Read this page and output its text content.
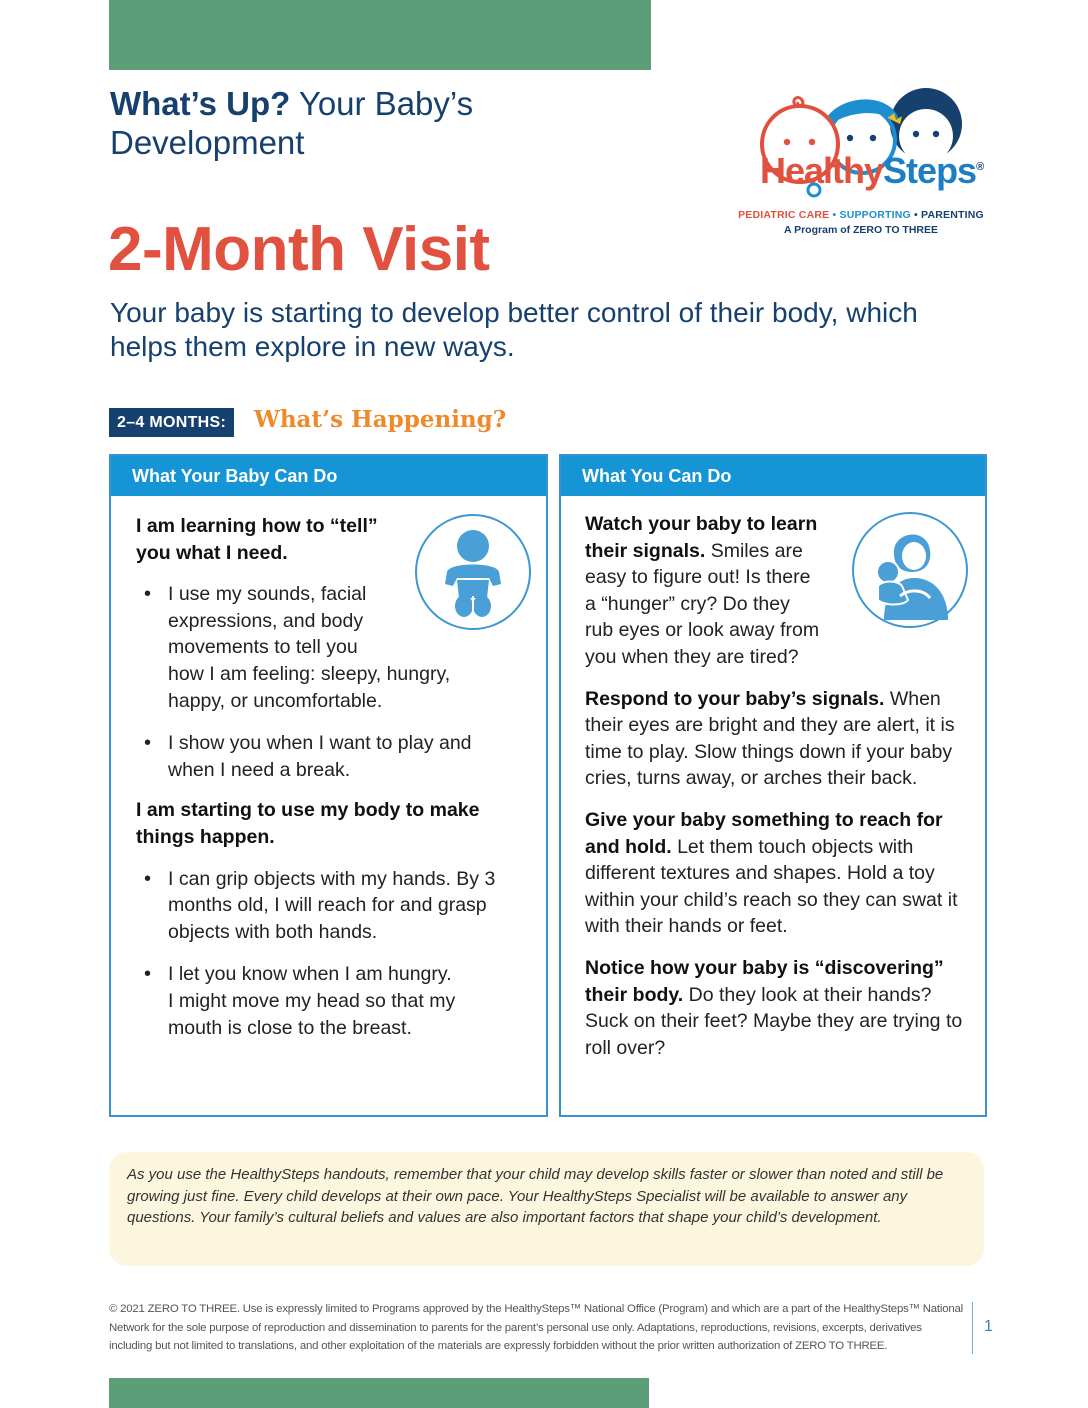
What’s Up? Your Baby’s Development
HealthySteps®
PEDIATRIC CARE • SUPPORTING • PARENTING
A Program of ZERO TO THREE
2-Month Visit
Your baby is starting to develop better control of their body, which helps them explore in new ways.
2–4 MONTHS:	What’s Happening?
What Your Baby Can Do
I am learning how to “tell”
you what I need.
• I use my sounds, facial
expressions, and body
movements to tell you
how I am feeling: sleepy, hungry,
happy, or uncomfortable.
• I show you when I want to play and when I need a break.
I am starting to use my body to make things happen.
• I can grip objects with my hands. By 3 months old, I will reach for and grasp objects with both hands.
• I let you know when I am hungry.
I might move my head so that my
mouth is close to the breast.
What You Can Do
Watch your baby to learn
their signals. Smiles are
easy to figure out! Is there
a “hunger” cry? Do they
rub eyes or look away from
you when they are tired?
Respond to your baby’s signals. When their eyes are bright and they are alert, it is time to play. Slow things down if your baby cries, turns away, or arches their back.
Give your baby something to reach for and hold. Let them touch objects with different textures and shapes. Hold a toy within your child’s reach so they can swat it with their hands or feet.
Notice how your baby is “discovering” their body. Do they look at their hands? Suck on their feet? Maybe they are trying to roll over?
As you use the HealthySteps handouts, remember that your child may develop skills faster or slower than noted and still be growing just fine. Every child develops at their own pace. Your HealthySteps Specialist will be available to answer any questions. Your family’s cultural beliefs and values are also important factors that shape your child’s development.
© 2021 ZERO TO THREE. Use is expressly limited to Programs approved by the HealthySteps™ National Office (Program) and which are a part of the HealthySteps™ National Network for the sole purpose of reproduction and dissemination to parents for the parent’s personal use only. Adaptations, reproductions, revisions, excerpts, derivatives including but not limited to translations, and other exploitation of the materials are expressly forbidden without the prior written authorization of ZERO TO THREE.
1
